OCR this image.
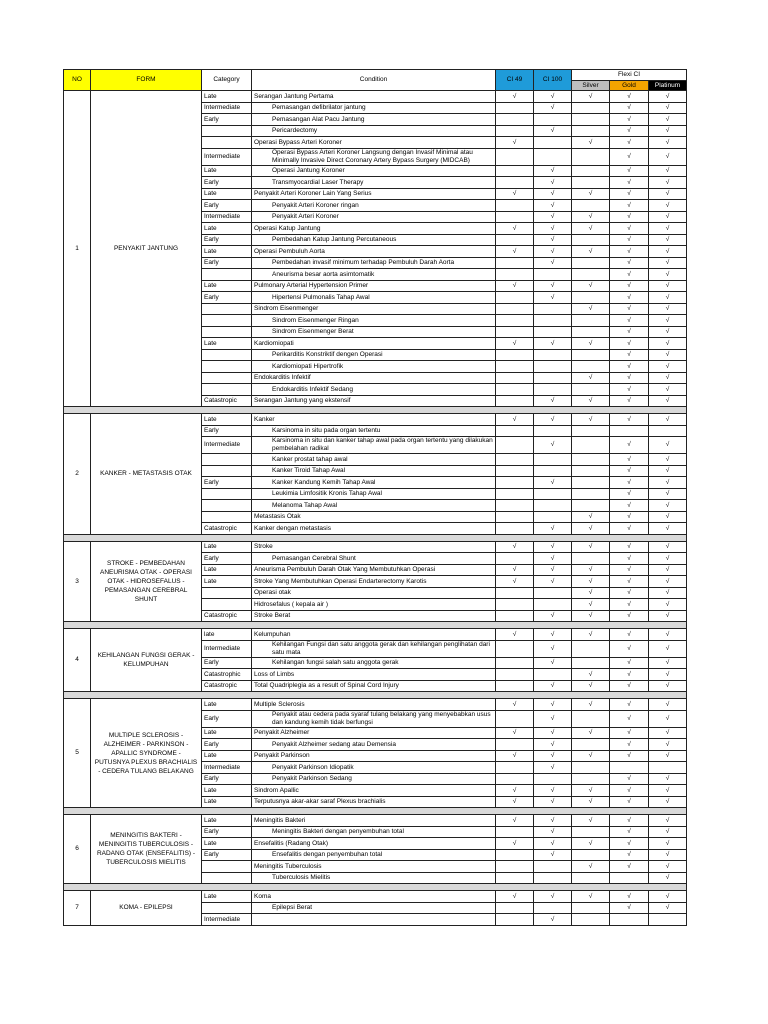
NO	FORM	Category	Condition	CI 49	CI 100	Flexi CI		
						Silver	Gold	Platinum
1	PENYAKIT JANTUNG	Late	Serangan Jantung Pertama	√	√	√	√	√
		Intermediate	Pemasangan defibrilator jantung		√		√	√
		Early	Pemasangan Alat Pacu Jantung				√	√
			Pericardectomy		√		√	√
			Operasi Bypass Arteri Koroner	√		√	√	√
		Intermediate	Operasi Bypass Arteri Koroner Langsung dengan Invasif Minimal atau Minimally Invasive Direct Coronary Artery Bypass Surgery (MIDCAB)				√	√
		Late	Operasi Jantung Koroner		√		√	√
		Early	Transmyocardial Laser Therapy		√		√	√
		Late	Penyakit Arteri Koroner Lain Yang Serius	√	√	√	√	√
		Early	Penyakit Arteri Koroner ringan		√		√	√
		Intermediate	Penyakit Arteri Koroner		√	√	√	√
		Late	Operasi Katup Jantung	√	√	√	√	√
		Early	Pembedahan Katup Jantung Percutaneous		√		√	√
		Late	Operasi Pembuluh Aorta	√	√	√	√	√
		Early	Pembedahan invasif minimum terhadap Pembuluh Darah Aorta		√		√	√
			Aneurisma besar aorta asimtomatik				√	√
		Late	Pulmonary Arterial Hypertension Primer	√	√	√	√	√
		Early	Hipertensi Pulmonalis Tahap Awal		√		√	√
			Sindrom Eisenmenger			√	√	√
			Sindrom Eisenmenger Ringan				√	√
			Sindrom Eisenmenger Berat				√	√
		Late	Kardiomiopati	√	√	√	√	√
			Perikarditis Konstriktif dengen Operasi				√	√
			Kardiomiopati Hipertrofik				√	√
			Endokarditis Infektif			√	√	√
			Endokarditis Infektif Sedang				√	√
		Catastropic	Serangan Jantung yang ekstensif		√	√	√	√

2	KANKER - METASTASIS OTAK	Late	Kanker	√	√	√	√	√
		Early	Karsinoma in situ pada organ tertentu					
		Intermediate	Karsinoma in situ dan kanker tahap awal pada organ tertentu yang dilakukan pembelahan radikal		√		√	√
			Kanker prostat tahap awal				√	√
			Kanker Tiroid Tahap Awal				√	√
		Early	Kanker Kandung Kemih Tahap Awal		√		√	√
			Leukimia Limfositik Kronis Tahap Awal				√	√
			Melanoma Tahap Awal				√	√
			Metastasis Otak			√	√	√
		Catastropic	Kanker dengan metastasis		√	√	√	√

3	STROKE - PEMBEDAHAN ANEURISMA OTAK - OPERASI OTAK - HIDROSEFALUS - PEMASANGAN CEREBRAL SHUNT	Late	Stroke	√	√	√	√	√
		Early	Pemasangan Cerebral Shunt		√		√	√
		Late	Aneurisma Pembuluh Darah Otak Yang Membutuhkan Operasi	√	√	√	√	√
		Late	Stroke Yang Membutuhkan Operasi Endarterectomy Karotis	√	√	√	√	√
			Operasi otak			√	√	√
			Hidrosefalus ( kepala air )			√	√	√
		Catastropic	Stroke Berat		√	√	√	√

4	KEHILANGAN FUNGSI GERAK - KELUMPUHAN	late	Kelumpuhan	√	√	√	√	√
		Intermediate	Kehilangan Fungsi dan satu anggota gerak dan kehilangan penglihatan dari satu mata		√		√	√
		Early	Kehilangan fungsi salah satu anggota gerak		√		√	√
		Catastrophic	Loss of Limbs			√	√	√
		Catastropic	Total Quadriplegia as a result of Spinal Cord Injury		√	√	√	√

5	MULTIPLE SCLEROSIS - ALZHEIMER - PARKINSON - APALLIC SYNDROME - PUTUSNYA PLEXUS BRACHIALIS - CEDERA TULANG BELAKANG	Late	Multiple Sclerosis	√	√	√	√	√
		Early	Penyakit atau cedera pada syaraf tulang belakang yang menyebabkan usus dan kandung kemih tidak berfungsi		√		√	√
		Late	Penyakit Alzheimer	√	√	√	√	√
		Early	Penyakit Alzheimer sedang atau Demensia		√		√	√
		Late	Penyakit Parkinson	√	√	√	√	√
		Intermediate	Penyakit Parkinson Idiopatik		√			
		Early	Penyakit Parkinson Sedang				√	√
		Late	Sindrom Apallic	√	√	√	√	√
		Late	Terputusnya akar-akar saraf Plexus brachialis	√	√	√	√	√

6	MENINGITIS BAKTERI - MENINGITIS TUBERCULOSIS - RADANG OTAK (ENSEFALITIS) - TUBERCULOSIS MIELITIS	Late	Meningitis Bakteri	√	√	√	√	√
		Early	Meningitis Bakteri dengan penyembuhan total		√		√	√
		Late	Ensefalitis (Radang Otak)	√	√	√	√	√
		Early	Ensefalitis dengan penyembuhan total		√		√	√
			Meningitis Tuberculosis			√	√	√
			Tuberculosis Mielitis					√

7	KOMA - EPILEPSI	Late	Koma	√	√	√	√	√
			Epilepsi Berat				√	√
		Intermediate			√			
